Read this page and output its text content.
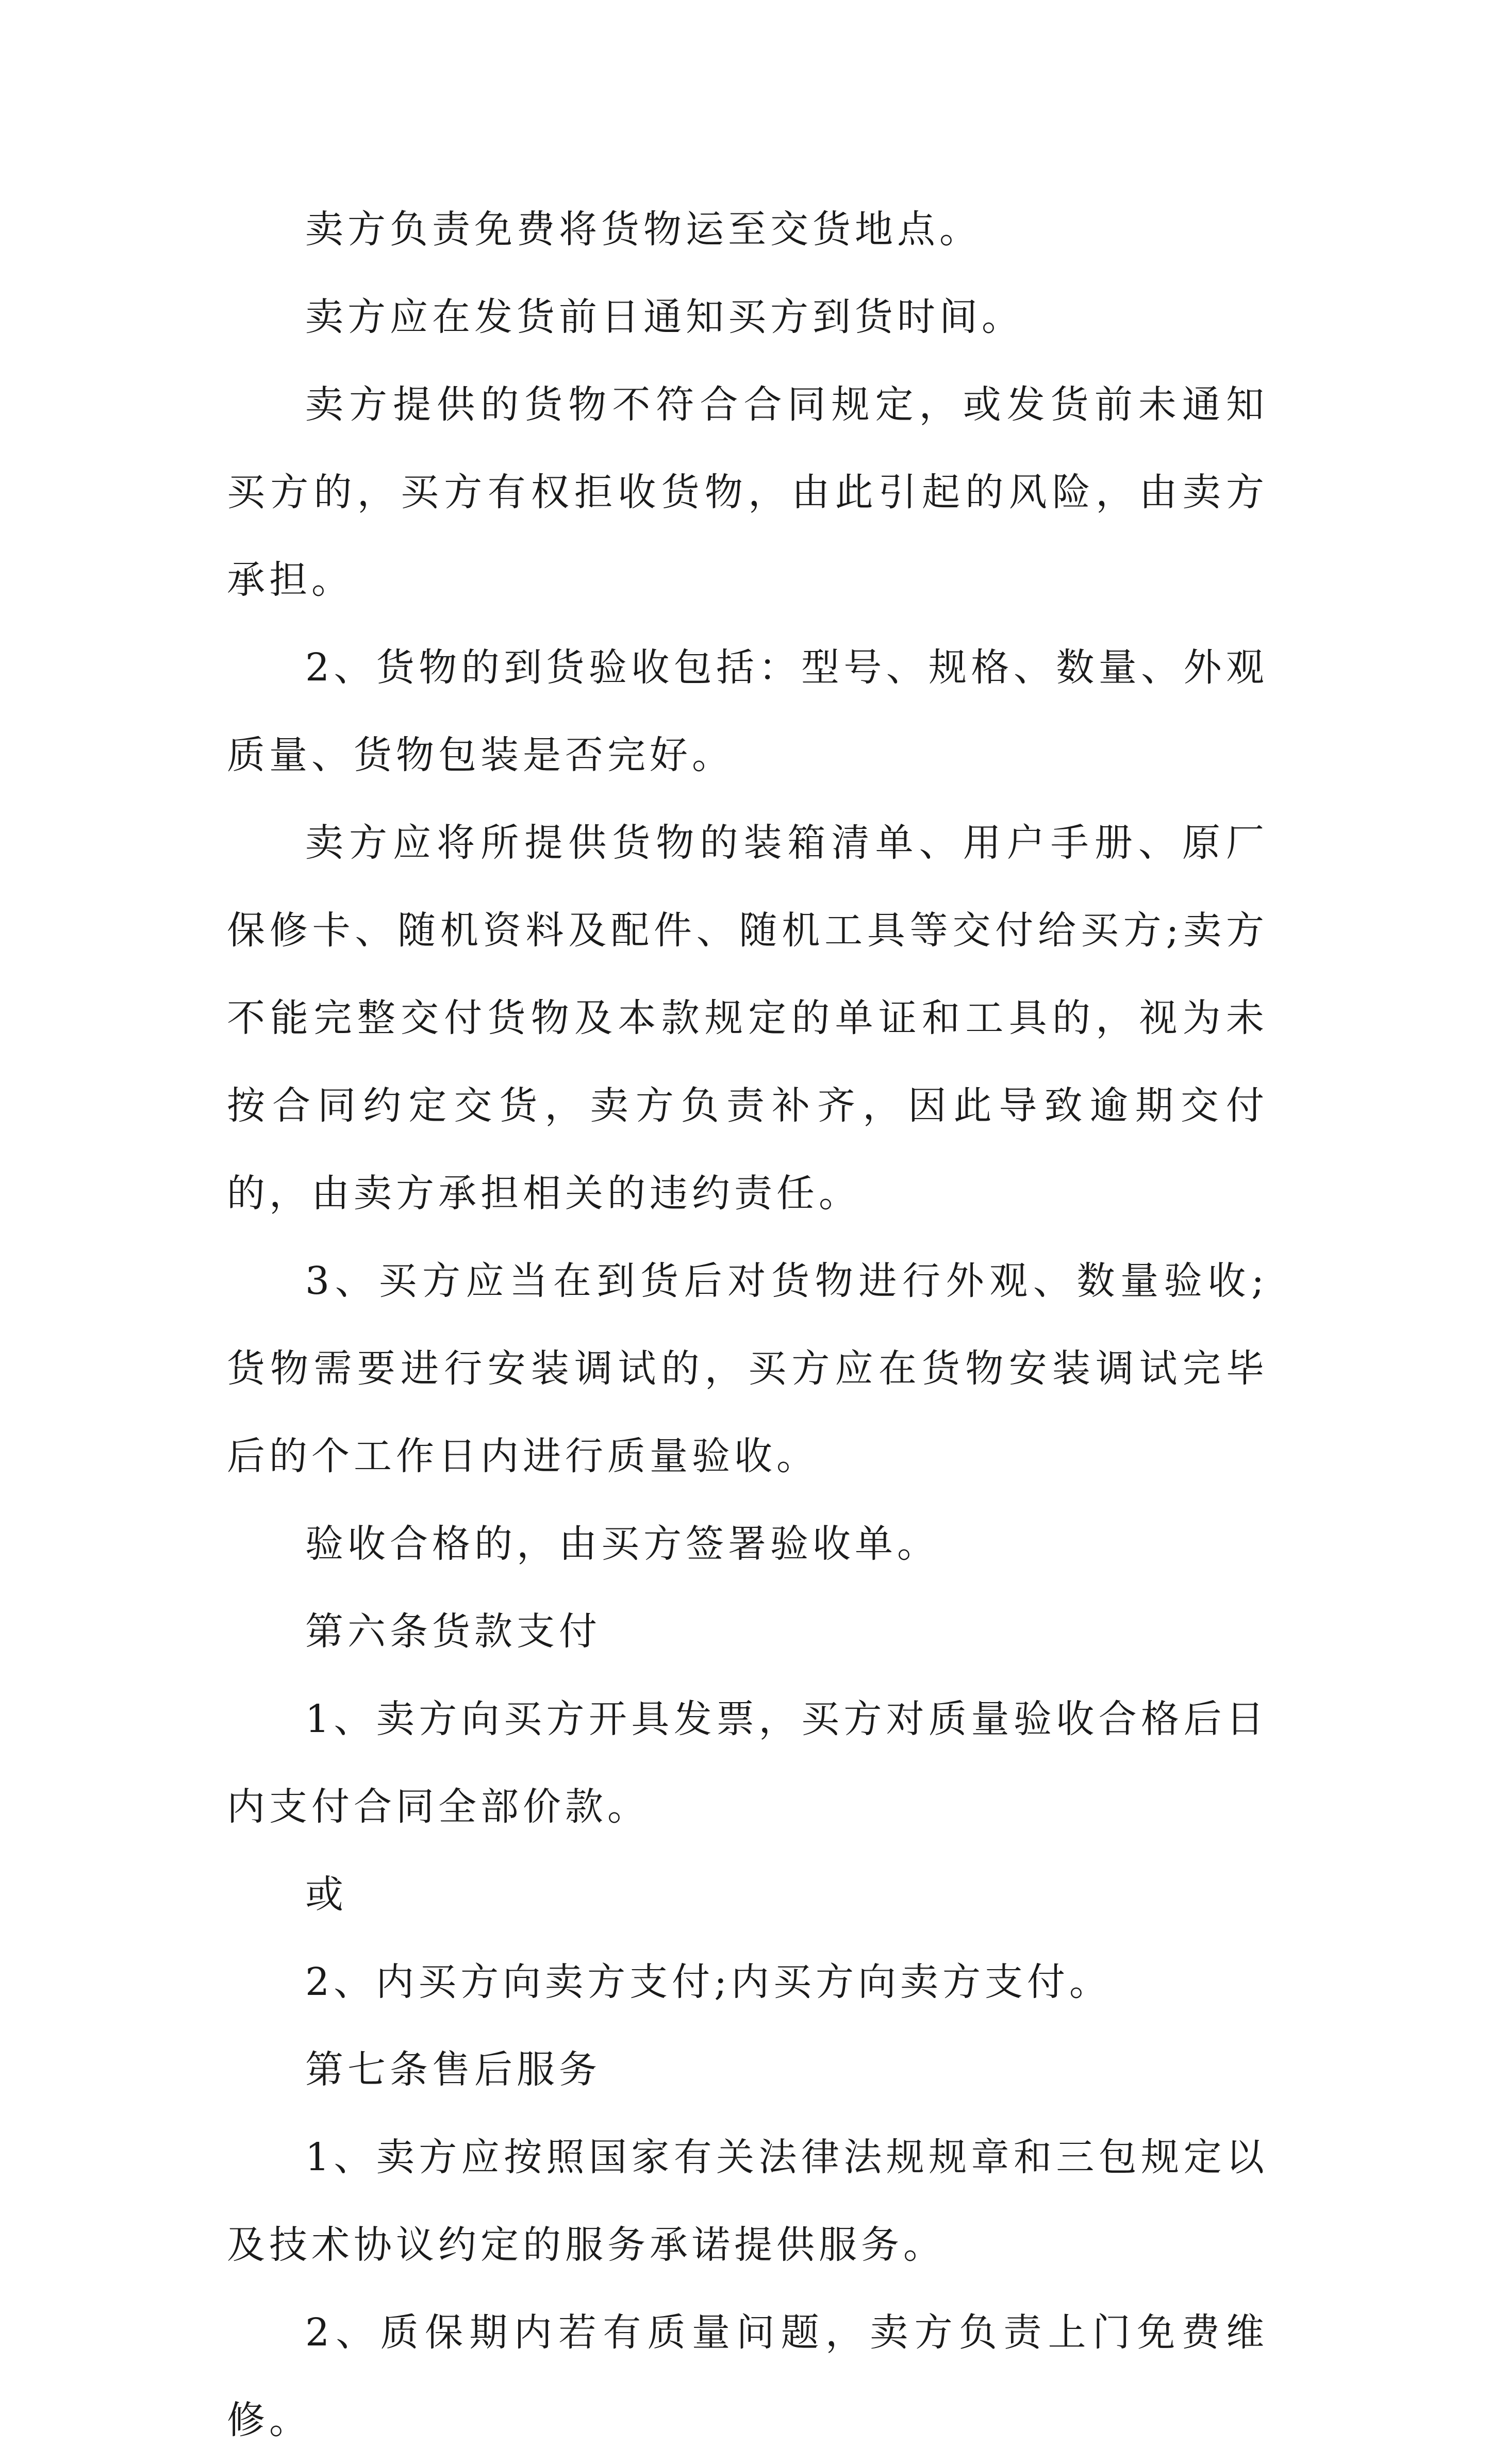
卖方负责免费将货物运至交货地点。

卖方应在发货前日通知买方到货时间。

卖方提供的货物不符合合同规定，或发货前未通知买方的，买方有权拒收货物，由此引起的风险，由卖方承担。

2、货物的到货验收包括：型号、规格、数量、外观质量、货物包装是否完好。

卖方应将所提供货物的装箱清单、用户手册、原厂保修卡、随机资料及配件、随机工具等交付给买方;卖方不能完整交付货物及本款规定的单证和工具的，视为未按合同约定交货，卖方负责补齐，因此导致逾期交付的，由卖方承担相关的违约责任。

3、买方应当在到货后对货物进行外观、数量验收;货物需要进行安装调试的，买方应在货物安装调试完毕后的个工作日内进行质量验收。

验收合格的，由买方签署验收单。

第六条货款支付

1、卖方向买方开具发票，买方对质量验收合格后日内支付合同全部价款。

或

2、内买方向卖方支付;内买方向卖方支付。

第七条售后服务

1、卖方应按照国家有关法律法规规章和三包规定以及技术协议约定的服务承诺提供服务。

2、质保期内若有质量问题，卖方负责上门免费维修。
